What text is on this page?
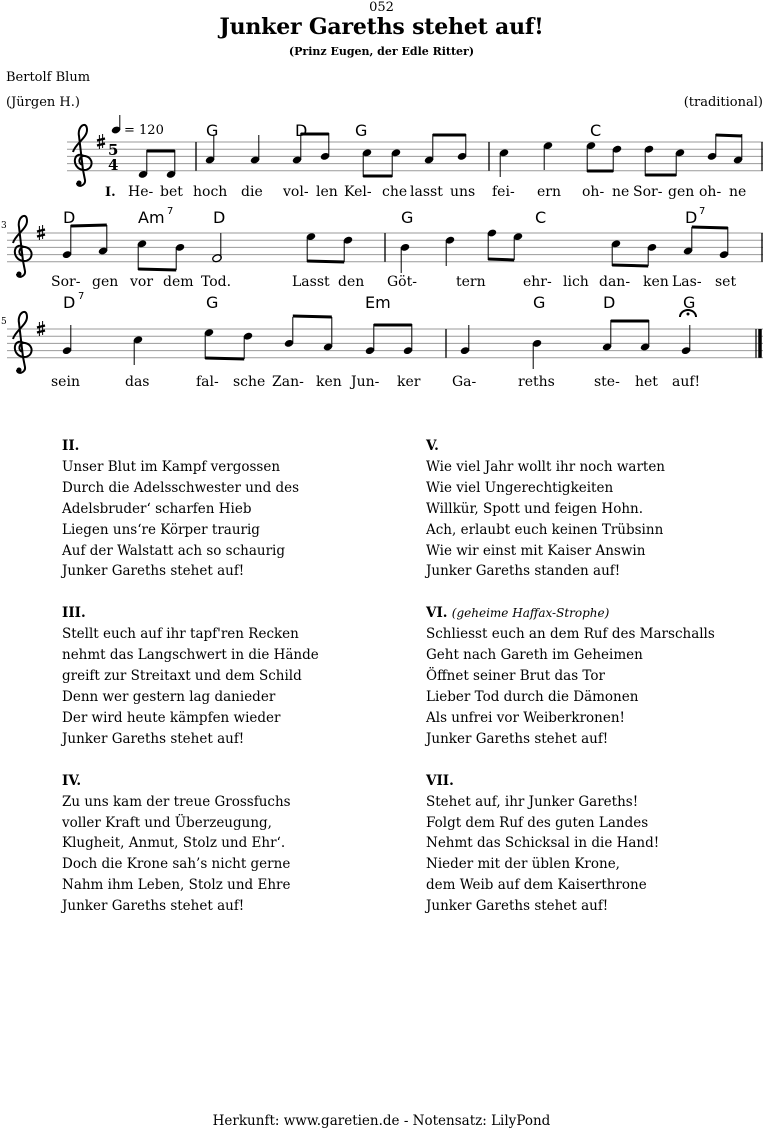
052
Junker Gareths stehet auf!
(Prinz Eugen, der Edle Ritter)
Bertolf Blum
(Jürgen H.)	(traditional)
5
4
= 120	G	D	G	C
I. He- bet hoch die vol- len Kel- che lasst uns fei- ern oh- ne Sor- gen oh- ne
3	D	Am 7 D	G	C	D 7
Sor- gen vor dem Tod.	Lasst den Göt-	tern	ehr- lich dan- ken Las- set
5
D 7	G	Em	G	D	G
sein	das	fal- sche Zan- ken Jun- ker Ga-	reths	ste- het auf!
II.
Unser Blut im Kampf vergossen
Durch die Adelsschwester und des
Adelsbruder‘ scharfen Hieb
Liegen uns‘re Körper traurig
Auf der Walstatt ach so schaurig
Junker Gareths stehet auf!
III.
Stellt euch auf ihr tapf'ren Recken
nehmt das Langschwert in die Hände
greift zur Streitaxt und dem Schild
Denn wer gestern lag danieder
Der wird heute kämpfen wieder
Junker Gareths stehet auf!
IV.
Zu uns kam der treue Grossfuchs
voller Kraft und Überzeugung,
Klugheit, Anmut, Stolz und Ehr‘.
Doch die Krone sah’s nicht gerne
Nahm ihm Leben, Stolz und Ehre
Junker Gareths stehet auf!
V.
Wie viel Jahr wollt ihr noch warten
Wie viel Ungerechtigkeiten
Willkür, Spott und feigen Hohn.
Ach, erlaubt euch keinen Trübsinn
Wie wir einst mit Kaiser Answin
Junker Gareths standen auf!
VI. (geheime Haffax-Strophe)
Schliesst euch an dem Ruf des Marschalls
Geht nach Gareth im Geheimen
Öffnet seiner Brut das Tor
Lieber Tod durch die Dämonen
Als unfrei vor Weiberkronen!
Junker Gareths stehet auf!
VII.
Stehet auf, ihr Junker Gareths!
Folgt dem Ruf des guten Landes
Nehmt das Schicksal in die Hand!
Nieder mit der üblen Krone,
dem Weib auf dem Kaiserthrone
Junker Gareths stehet auf!
Herkunft: www.garetien.de - Notensatz: LilyPond
